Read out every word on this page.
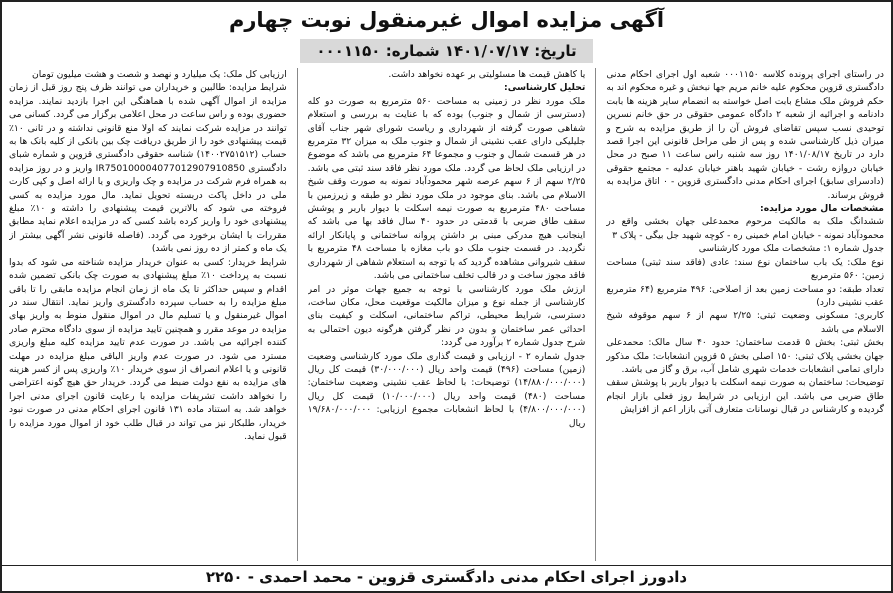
آگهی مزایده اموال غیرمنقول نوبت چهارم
تاریخ: ۱۴۰۱/۰۷/۱۷ شماره: ۰۰۰۱۱۵۰

در راستای اجرای پرونده کلاسه ۰۰۰۱۱۵۰ شعبه اول اجرای احکام مدنی دادگستری قزوین محکوم علیه خانم مریم جها نبخش و غیره محکوم اند به حکم فروش ملک مشاع بابت اصل خواسته به انضمام سایر هزینه ها بابت دادنامه و اجرائیه از شعبه ۲ دادگاه عمومی حقوقی در حق خانم نسرین توحیدی نسب سپس تقاضای فروش آن را از طریق مزایده به شرح و میزان ذیل کارشناسی شده و پس از طی مراحل قانونی این اجرا قصد دارد در تاریخ ۱۴۰۱/۰۸/۱۷ روز سه شنبه راس ساعت ۱۱ صبح در محل خیابان دروازه رشت - خیابان شهید باهنر خیابان عدلیه - مجتمع حقوقی (دادسرای سابق) اجرای احکام مدنی دادگستری قزوین - ۰ اتاق مزایده به فروش برساند.

مشخصات مال مورد مزایده:

ششدانگ ملک به مالکیت مرحوم محمدعلی جهان بخشی واقع در محمودآباد نمونه - خیابان امام خمینی ره - کوچه شهید جل بیگی - پلاک ۳

جدول شماره ۱: مشخصات ملک مورد کارشناسی

نوع ملک: یک باب ساختمان نوع سند: عادی (فاقد سند ثبتی) مساحت زمین: ۵۶۰ مترمربع

تعداد طبقه: دو مساحت زمین بعد از اصلاحی: ۴۹۶ مترمربع (۶۴ مترمربع عقب نشینی دارد)

کاربری: مسکونی وضعیت ثبتی: ۲/۲۵ سهم از ۶ سهم موقوفه شیخ الاسلام می باشد

بخش ثبتی: بخش ۵ قدمت ساختمان: حدود ۴۰ سال مالک: محمدعلی جهان بخشی پلاک ثبتی: ۱۵۰ اصلی بخش ۵ قزوین انشعابات: ملک مذکور دارای تمامی انشعابات خدمات شهری شامل آب، برق و گاز می باشد.

توضیحات: ساختمان به صورت نیمه اسکلت با دیوار باربر با پوشش سقف طاق ضربی می باشد. این ارزیابی در شرایط روز فعلی بازار انجام گردیده و کارشناس در قبال نوسانات متعارف آتی بازار اعم از افزایش

یا کاهش قیمت ها مسئولیتی بر عهده نخواهد داشت.

تحلیل کارشناسی:

ملک مورد نظر در زمینی به مساحت ۵۶۰ مترمربع به صورت دو کله (دسترسی از شمال و جنوب) بوده که با عنایت به بررسی و استعلام شفاهی صورت گرفته از شهرداری و ریاست شورای شهر جناب آقای جلیلیکی دارای عقب نشینی از شمال و جنوب ملک به میزان ۳۲ مترمربع در هر قسمت شمال و جنوب و مجموعا ۶۴ مترمربع می باشد که موضوع در ارزیابی ملک لحاظ می گردد. ملک مورد نظر فاقد سند ثبتی می باشد. ۲/۲۵ سهم از ۶ سهم عرصه شهر محمودآباد نمونه به صورت وقف شیخ الاسلام می باشد. بنای موجود در ملک مورد نظر دو طبقه و زیرزمین با مساحت ۴۸۰ مترمربع به صورت نیمه اسکلت با دیوار باربر و پوشش سقف طاق ضربی با قدمتی در حدود ۴۰ سال فاقد بها می باشد که اینجانب هیچ مدرکی مبنی بر داشتن پروانه ساختمانی و پایانکار ارائه نگردید. در قسمت جنوب ملک دو باب مغازه با مساحت ۴۸ مترمربع با سقف شیروانی مشاهده گردید که با توجه به استعلام شفاهی از شهرداری فاقد مجوز ساخت و در قالب تخلف ساختمانی می باشد.

ارزش ملک مورد کارشناسی با توجه به جمیع جهات موثر در امر کارشناسی از جمله نوع و میزان مالکیت موقعیت محل، مکان ساخت، دسترسی، شرایط محیطی، تراکم ساختمانی، اسکلت و کیفیت بنای احداثی عمر ساختمان و بدون در نظر گرفتن هرگونه دیون احتمالی به شرح جدول شماره ۲ برآورد می گردد:

جدول شماره ۲ - ارزیابی و قیمت گذاری ملک مورد کارشناسی وضعیت (زمین) مساحت (۴۹۶) قیمت واحد ریال (۳۰/۰۰۰/۰۰۰) قیمت کل ریال (۱۴/۸۸۰/۰۰۰/۰۰۰) توضیحات: با لحاظ عقب نشینی وضعیت ساختمان: مساحت (۴۸۰) قیمت واحد ریال (۱۰/۰۰۰/۰۰۰) قیمت کل ریال (۴/۸۰۰/۰۰۰/۰۰۰) با لحاظ انشعابات مجموع ارزیابی: ۱۹/۶۸۰/۰۰۰/۰۰۰ ریال

ارزیابی کل ملک: یک میلیارد و نهصد و شصت و هشت میلیون تومان

شرایط مزایده: طالبین و خریداران می توانند ظرف پنج روز قبل از زمان مزایده از اموال آگهی شده با هماهنگی این اجرا بازدید نمایند. مزایده حضوری بوده و راس ساعت در محل اعلامی برگزار می گردد. کسانی می توانند در مزایده شرکت نمایند که اولا منع قانونی نداشته و در ثانی ۱۰٪ قیمت پیشنهادی خود را از طریق دریافت چک بین بانکی از کلیه بانک ها به حساب (۱۴۰۰۲۷۵۱۵۱۲) شناسه حقوقی دادگستری قزوین و شماره شبای دادگستری IR750100004077012907910850 واریز و در روز مزایده به همراه فرم شرکت در مزایده و چک واریزی و یا ارائه اصل و کپی کارت ملی در داخل پاکت دربسته تحویل نماید. مال مورد مزایده به کسی فروخته می شود که بالاترین قیمت پیشنهادی را داشته و ۱۰٪ مبلغ پیشنهادی خود را واریز کرده باشد کسی که در مزایده اعلام نماید مطابق مقررات با ایشان برخورد می گردد. (فاصله قانونی نشر آگهی بیشتر از یک ماه و کمتر از ده روز نمی باشد)

شرایط خریدار: کسی به عنوان خریدار مزایده شناخته می شود که بدوا نسبت به پرداخت ۱۰٪ مبلغ پیشنهادی به صورت چک بانکی تضمین شده اقدام و سپس حداکثر تا یک ماه از زمان انجام مزایده مابقی را تا باقی مبلغ مزایده را به حساب سپرده دادگستری واریز نماید. انتقال سند در اموال غیرمنقول و یا تسلیم مال در اموال منقول منوط به واریز بهای مزایده در موعد مقرر و همچنین تایید مزایده از سوی دادگاه محترم صادر کننده اجرائیه می باشد. در صورت عدم تایید مزایده کلیه مبلغ واریزی مسترد می شود. در صورت عدم واریز الباقی مبلغ مزایده در مهلت قانونی و یا اعلام انصراف از سوی خریدار ۱۰٪ واریزی پس از کسر هزینه های مزایده به نفع دولت ضبط می گردد. خریدار حق هیچ گونه اعتراضی را نخواهد داشت تشریفات مزایده با رعایت قانون اجرای مدنی اجرا خواهد شد. به استناد ماده ۱۳۱ قانون اجرای احکام مدنی در صورت نبود خریدار، طلبکار نیز می تواند در قبال طلب خود از اموال مورد مزایده را قبول نماید.

دادورز اجرای احکام مدنی دادگستری قزوین - محمد احمدی - ۲۲۵۰
